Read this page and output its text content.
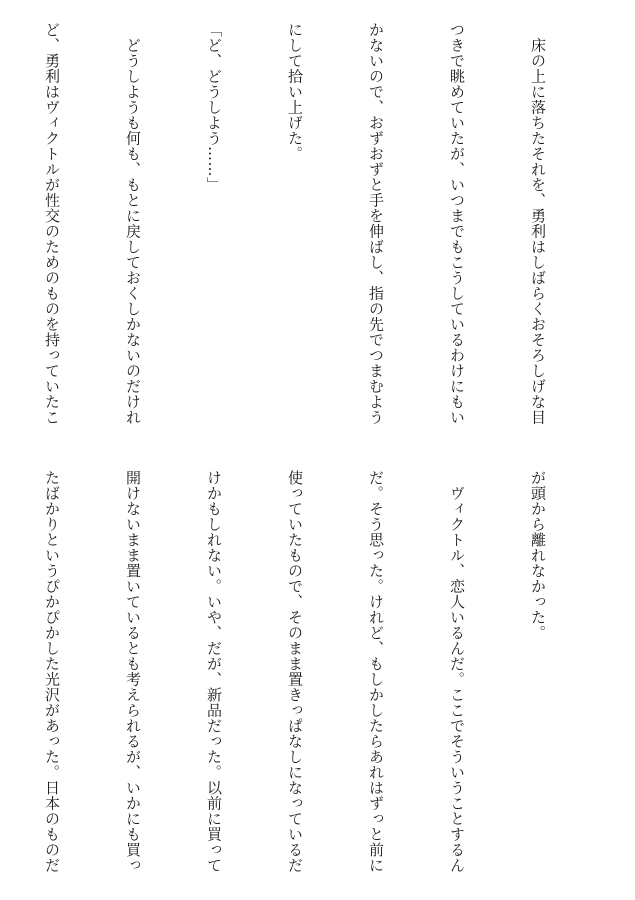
　床の上に落ちたそれを、勇利はしばらくおそろしげな目

つきで眺めていたが、いつまでもこうしているわけにもい

かないので、おずおずと手を伸ばし、指の先でつまむよう

にして拾い上げた。

「ど、どうしよう……」

　どうしようも何も、もとに戻しておくしかないのだけれ

ど、勇利はヴィクトルが性交のためのものを持っていたこ

が頭から離れなかった。

　ヴィクトル、恋人いるんだ。ここでそういうことするん

だ。そう思った。けれど、もしかしたらあれはずっと前に

使っていたもので、そのまま置きっぱなしになっているだ

けかもしれない。いや、だが、新品だった。以前に買って

開けないまま置いているとも考えられるが、いかにも買っ

たばかりというぴかぴかした光沢があった。日本のものだ
